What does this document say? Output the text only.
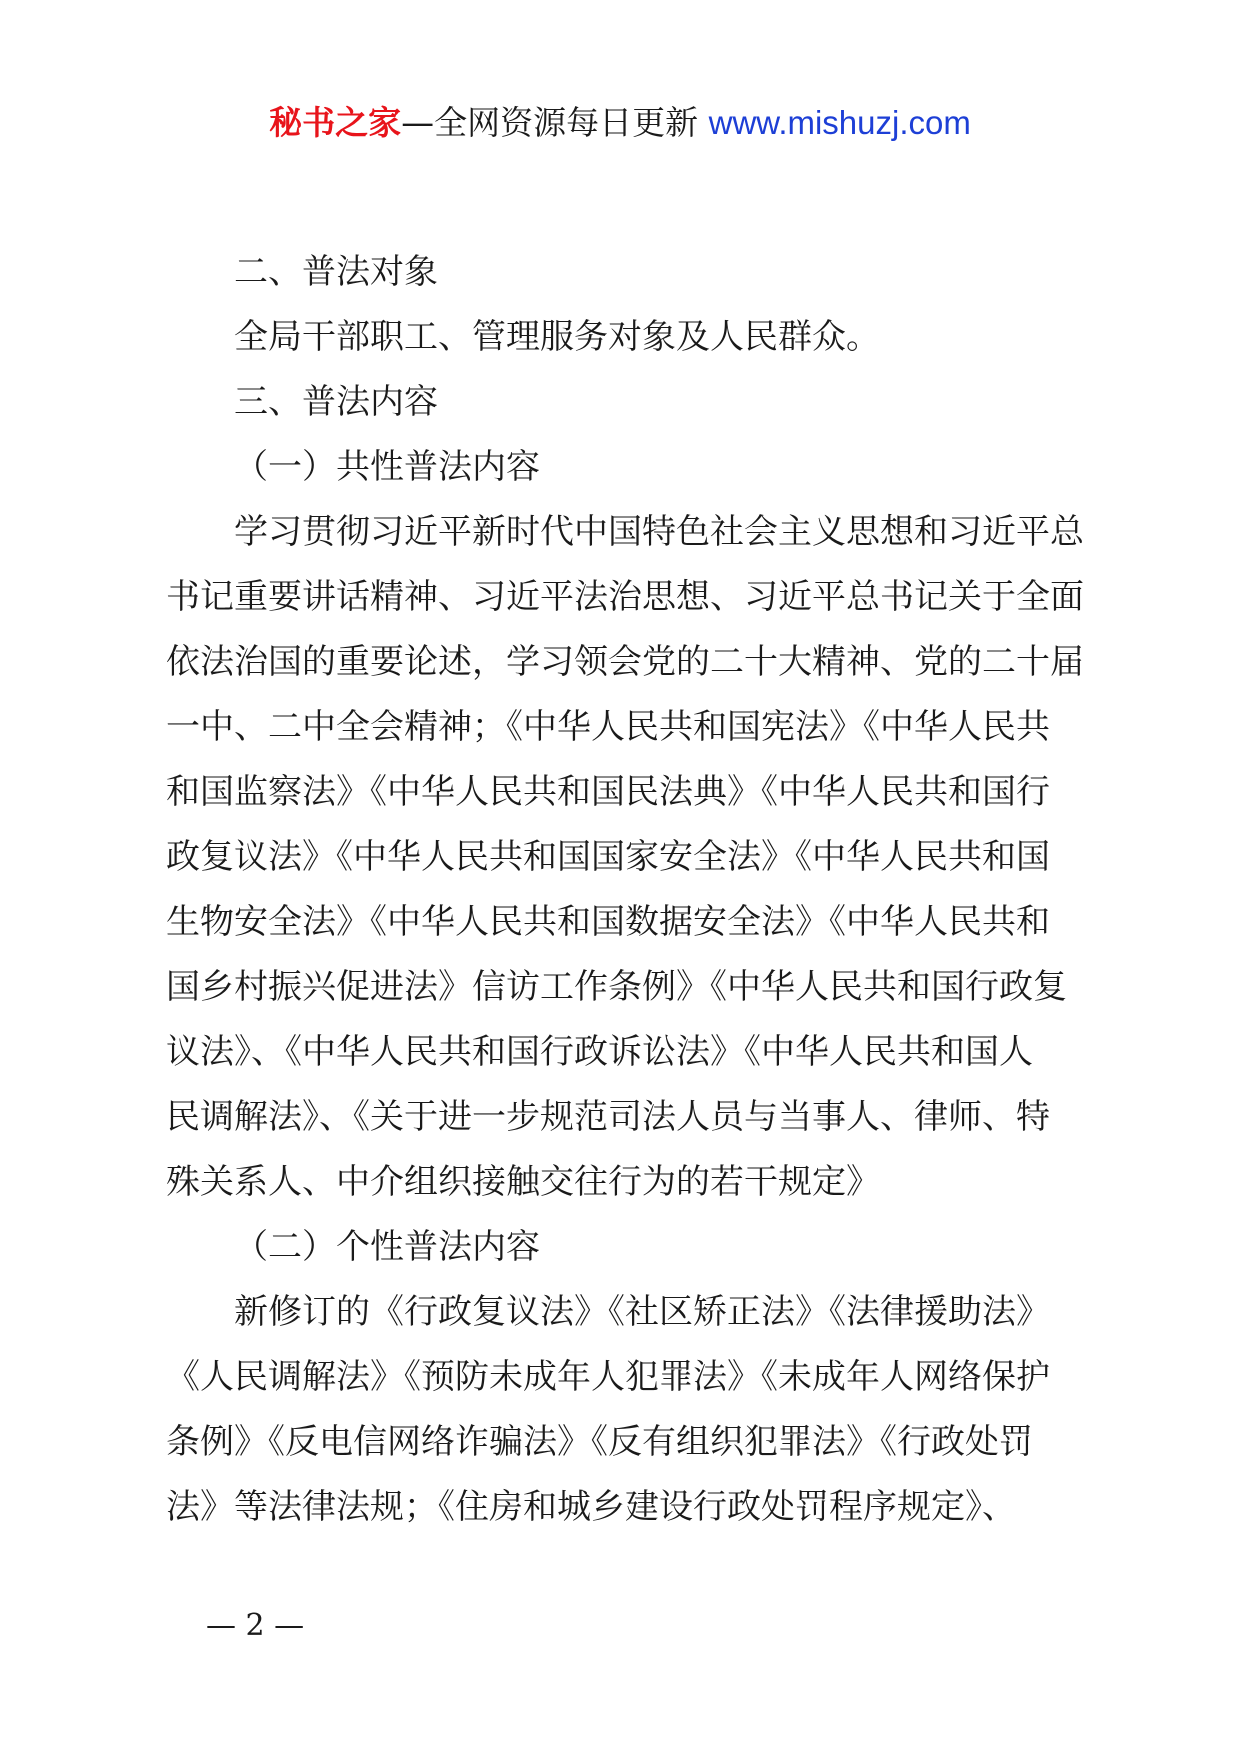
秘书之家—全网资源每日更新 www.mishuzj.com

二、普法对象

全局干部职工、管理服务对象及人民群众。

三、普法内容

（一）共性普法内容

学习贯彻习近平新时代中国特色社会主义思想和习近平总
书记重要讲话精神、习近平法治思想、习近平总书记关于全面
依法治国的重要论述，学习领会党的二十大精神、党的二十届
一中、二中全会精神；《中华人民共和国宪法》《中华人民共
和国监察法》《中华人民共和国民法典》《中华人民共和国行
政复议法》《中华人民共和国国家安全法》《中华人民共和国
生物安全法》《中华人民共和国数据安全法》《中华人民共和
国乡村振兴促进法》信访工作条例》《中华人民共和国行政复
议法》、《中华人民共和国行政诉讼法》《中华人民共和国人
民调解法》、《关于进一步规范司法人员与当事人、律师、特
殊关系人、中介组织接触交往行为的若干规定》

（二）个性普法内容

新修订的《行政复议法》《社区矫正法》《法律援助法》
《人民调解法》《预防未成年人犯罪法》《未成年人网络保护
条例》《反电信网络诈骗法》《反有组织犯罪法》《行政处罚
法》等法律法规；《住房和城乡建设行政处罚程序规定》、

— 2 —
